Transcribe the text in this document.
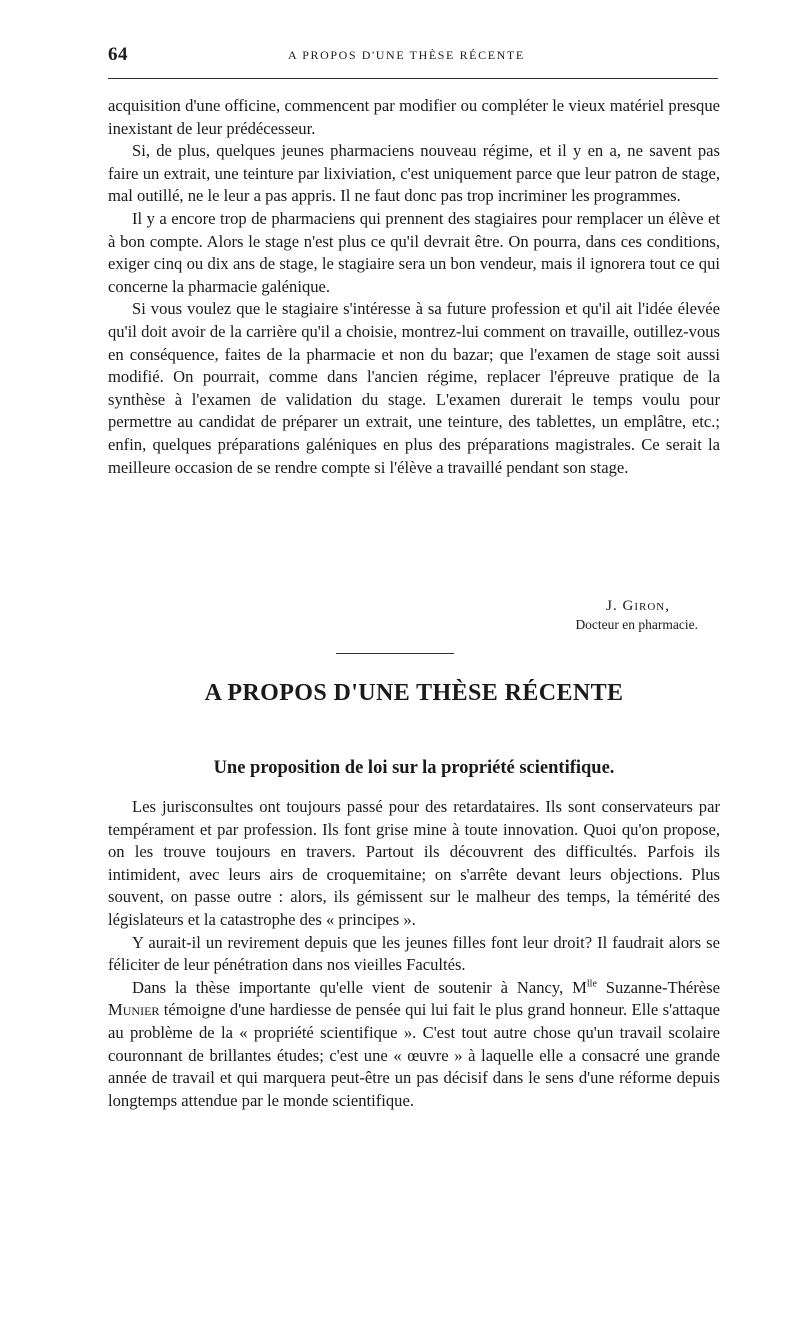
64	A PROPOS D'UNE THÈSE RÉCENTE

acquisition d'une officine, commencent par modifier ou compléter le vieux matériel presque inexistant de leur prédécesseur.

Si, de plus, quelques jeunes pharmaciens nouveau régime, et il y en a, ne savent pas faire un extrait, une teinture par lixiviation, c'est uniquement parce que leur patron de stage, mal outillé, ne le leur a pas appris. Il ne faut donc pas trop incriminer les programmes.

Il y a encore trop de pharmaciens qui prennent des stagiaires pour remplacer un élève et à bon compte. Alors le stage n'est plus ce qu'il devrait être. On pourra, dans ces conditions, exiger cinq ou dix ans de stage, le stagiaire sera un bon vendeur, mais il ignorera tout ce qui concerne la pharmacie galénique.

Si vous voulez que le stagiaire s'intéresse à sa future profession et qu'il ait l'idée élevée qu'il doit avoir de la carrière qu'il a choisie, montrez-lui comment on travaille, outillez-vous en conséquence, faites de la pharmacie et non du bazar; que l'examen de stage soit aussi modifié. On pourrait, comme dans l'ancien régime, replacer l'épreuve pratique de la synthèse à l'examen de validation du stage. L'examen durerait le temps voulu pour permettre au candidat de préparer un extrait, une teinture, des tablettes, un emplâtre, etc.; enfin, quelques préparations galéniques en plus des préparations magistrales. Ce serait la meilleure occasion de se rendre compte si l'élève a travaillé pendant son stage.

J. Giron,
Docteur en pharmacie.
A PROPOS D'UNE THÈSE RÉCENTE
Une proposition de loi sur la propriété scientifique.

Les jurisconsultes ont toujours passé pour des retardataires. Ils sont conservateurs par tempérament et par profession. Ils font grise mine à toute innovation. Quoi qu'on propose, on les trouve toujours en travers. Partout ils découvrent des difficultés. Parfois ils intimident, avec leurs airs de croquemitaine; on s'arrête devant leurs objections. Plus souvent, on passe outre : alors, ils gémissent sur le malheur des temps, la témérité des législateurs et la catastrophe des « principes ».

Y aurait-il un revirement depuis que les jeunes filles font leur droit? Il faudrait alors se féliciter de leur pénétration dans nos vieilles Facultés.

Dans la thèse importante qu'elle vient de soutenir à Nancy, $M^{lle}$ Suzanne-Thérèse Munier témoigne d'une hardiesse de pensée qui lui fait le plus grand honneur. Elle s'attaque au problème de la « propriété scientifique ». C'est tout autre chose qu'un travail scolaire couronnant de brillantes études; c'est une « œuvre » à laquelle elle a consacré une grande année de travail et qui marquera peut-être un pas décisif dans le sens d'une réforme depuis longtemps attendue par le monde scientifique.
